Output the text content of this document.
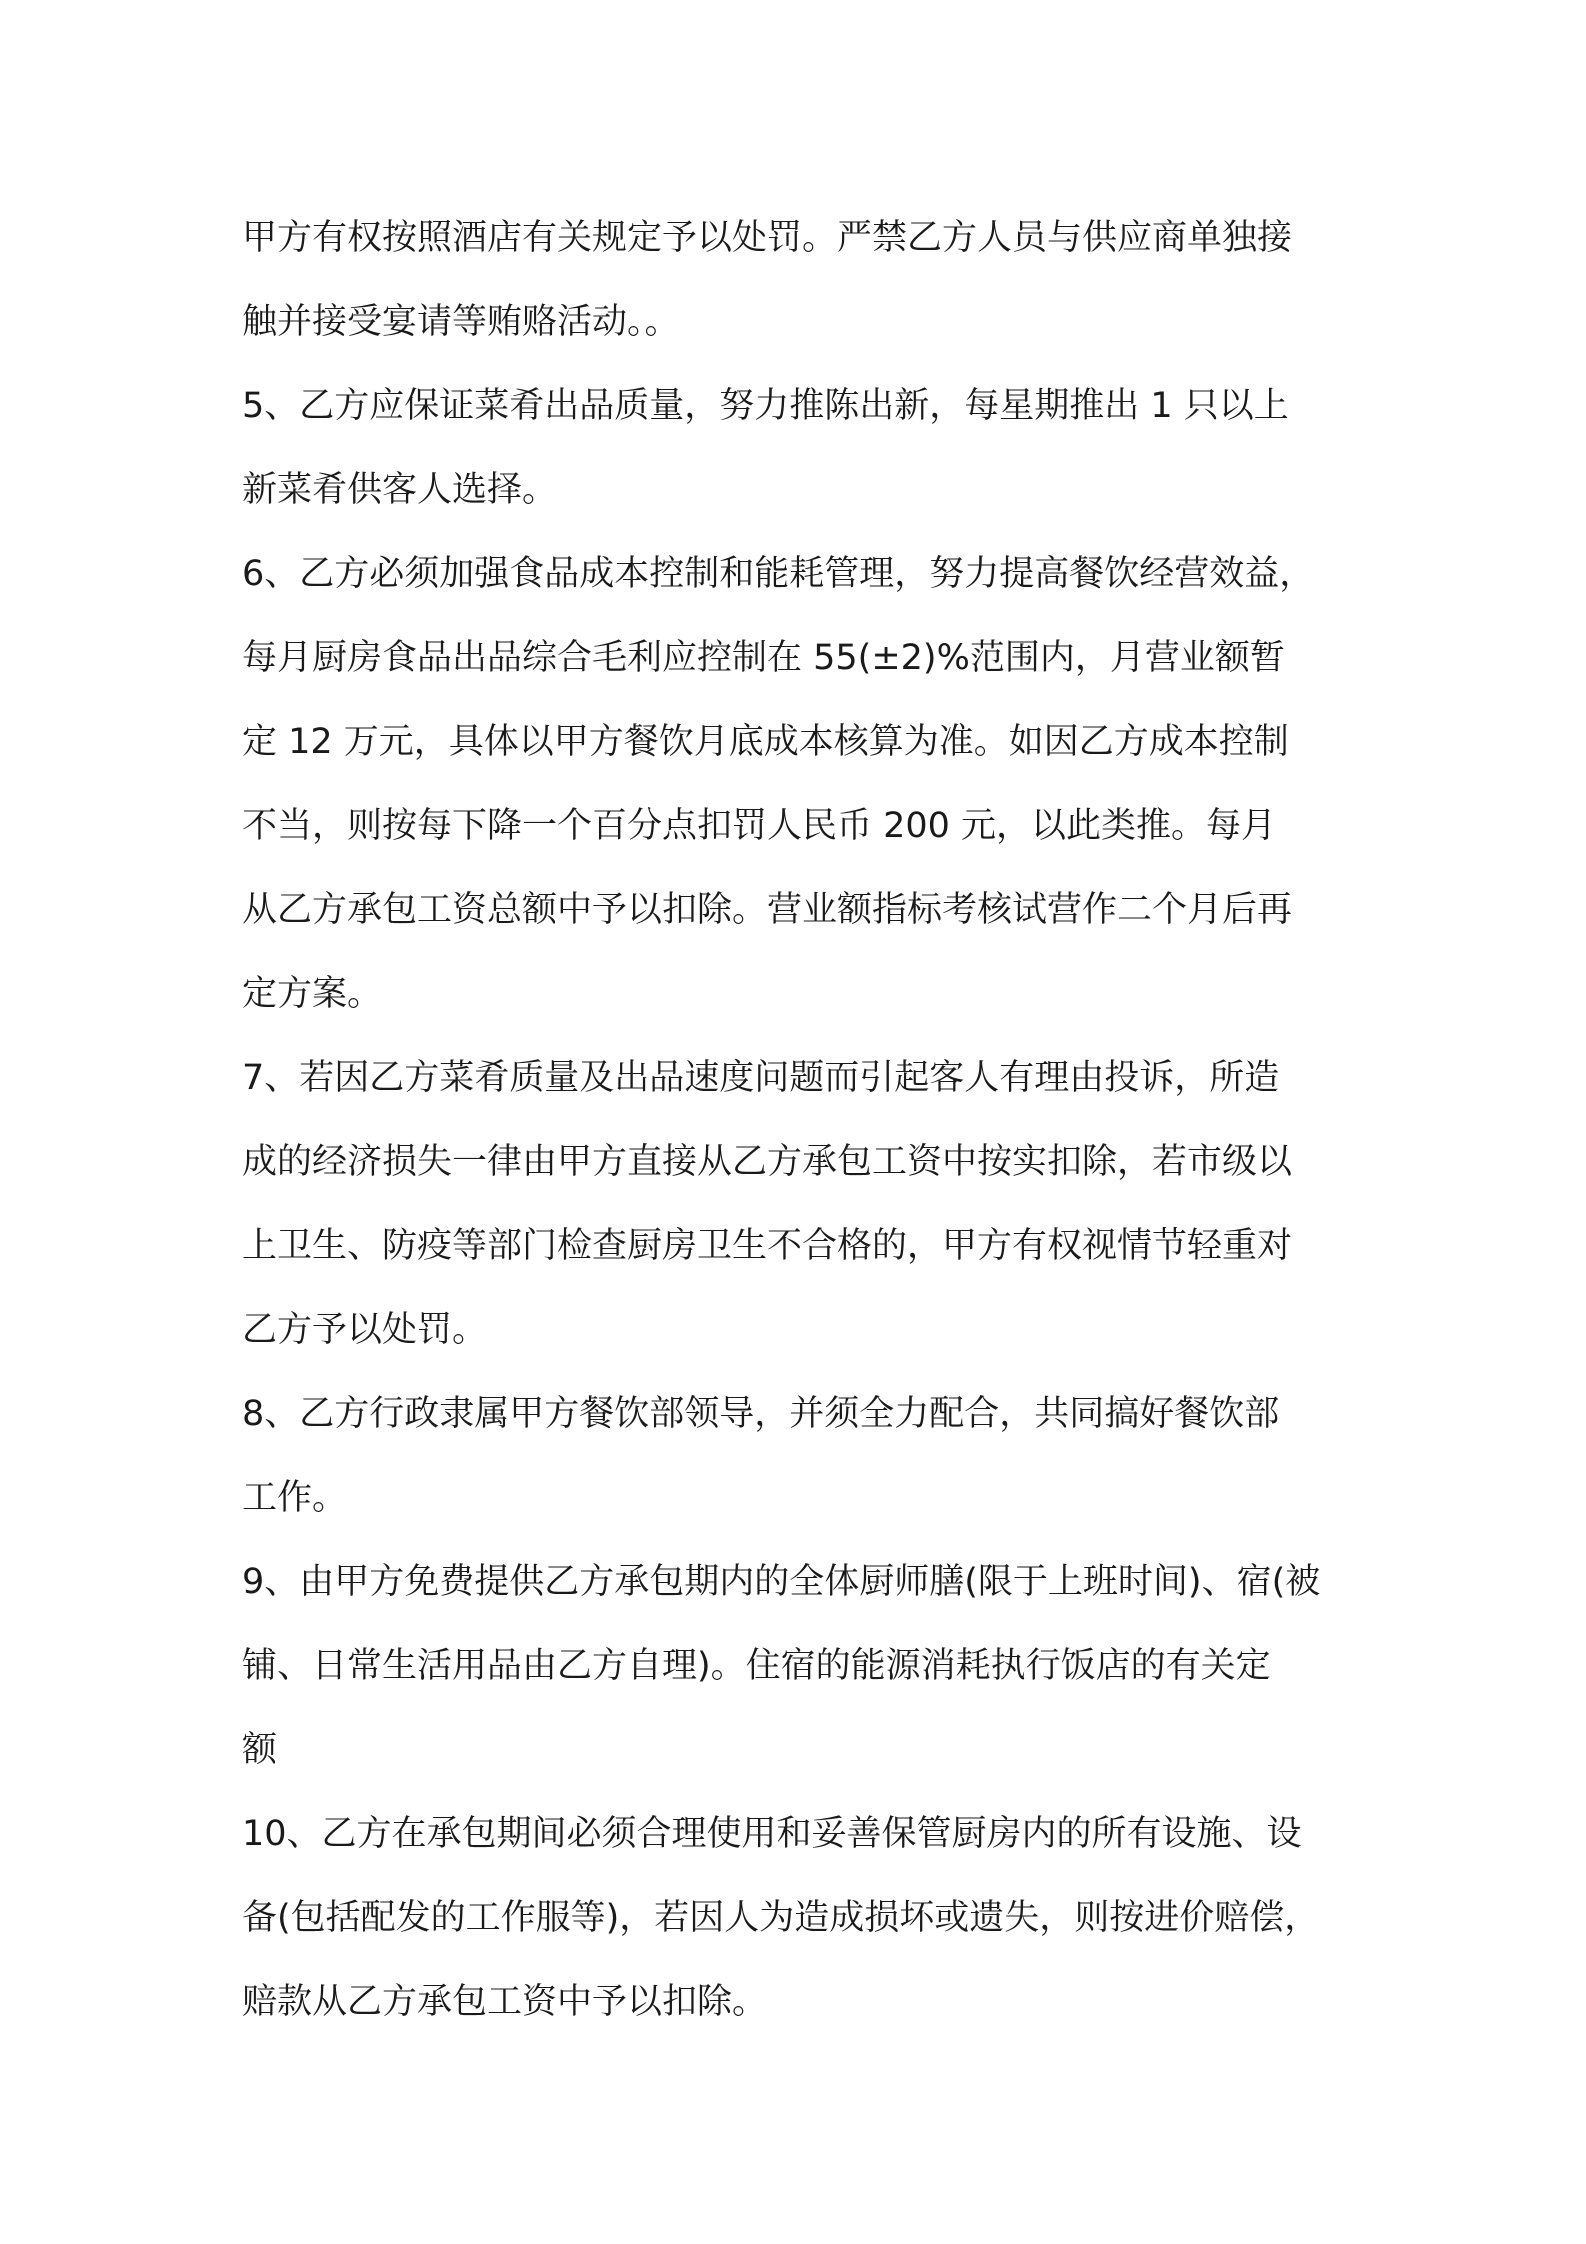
甲方有权按照酒店有关规定予以处罚。严禁乙方人员与供应商单独接
触并接受宴请等贿赂活动。。
5、乙方应保证菜肴出品质量，努力推陈出新，每星期推出 1 只以上
新菜肴供客人选择。
6、乙方必须加强食品成本控制和能耗管理，努力提高餐饮经营效益，
每月厨房食品出品综合毛利应控制在 55(±2)%范围内，月营业额暂
定 12 万元，具体以甲方餐饮月底成本核算为准。如因乙方成本控制
不当，则按每下降一个百分点扣罚人民币 200 元，以此类推。每月
从乙方承包工资总额中予以扣除。营业额指标考核试营作二个月后再
定方案。
7、若因乙方菜肴质量及出品速度问题而引起客人有理由投诉，所造
成的经济损失一律由甲方直接从乙方承包工资中按实扣除，若市级以
上卫生、防疫等部门检查厨房卫生不合格的，甲方有权视情节轻重对
乙方予以处罚。
8、乙方行政隶属甲方餐饮部领导，并须全力配合，共同搞好餐饮部
工作。
9、由甲方免费提供乙方承包期内的全体厨师膳(限于上班时间)、宿(被
铺、日常生活用品由乙方自理)。住宿的能源消耗执行饭店的有关定
额
10、乙方在承包期间必须合理使用和妥善保管厨房内的所有设施、设
备(包括配发的工作服等)，若因人为造成损坏或遗失，则按进价赔偿，
赔款从乙方承包工资中予以扣除。
